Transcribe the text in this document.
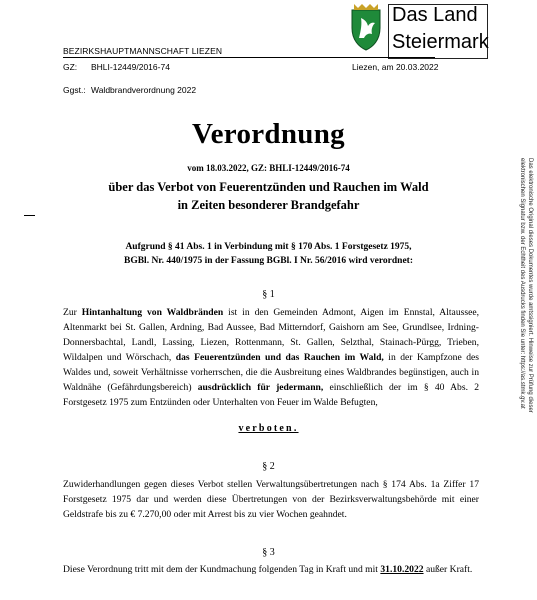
Das Land
Steiermark
BEZIRKSHAUPTMANNSCHAFT LIEZEN
GZ: BHLI-12449/2016-74	Liezen, am 20.03.2022
Ggst.: Waldbrandverordnung 2022
Verordnung
vom 18.03.2022, GZ: BHLI-12449/2016-74
über das Verbot von Feuerentzünden und Rauchen im Wald
in Zeiten besonderer Brandgefahr
Aufgrund § 41 Abs. 1 in Verbindung mit § 170 Abs. 1 Forstgesetz 1975,
BGBl. Nr. 440/1975 in der Fassung BGBl. I Nr. 56/2016 wird verordnet:
§ 1
Zur Hintanhaltung von Waldbränden ist in den Gemeinden Admont, Aigen im Ennstal, Altaussee, Altenmarkt bei St. Gallen, Ardning, Bad Aussee, Bad Mitterndorf, Gaishorn am See, Grundlsee, Irdning-Donnersbachtal, Landl, Lassing, Liezen, Rottenmann, St. Gallen, Selzthal, Stainach-Pürgg, Trieben, Wildalpen und Wörschach, das Feuerentzünden und das Rauchen im Wald, in der Kampfzone des Waldes und, soweit Verhältnisse vorherrschen, die die Ausbreitung eines Waldbrandes begünstigen, auch in Waldnähe (Gefährdungsbereich) ausdrücklich für jedermann, einschließlich der im § 40 Abs. 2 Forstgesetz 1975 zum Entzünden oder Unterhalten von Feuer im Walde Befugten,
verboten.
§ 2
Zuwiderhandlungen gegen dieses Verbot stellen Verwaltungsübertretungen nach § 174 Abs. 1a Ziffer 17 Forstgesetz 1975 dar und werden diese Übertretungen von der Bezirksverwaltungsbehörde mit einer Geldstrafe bis zu € 7.270,00 oder mit Arrest bis zu vier Wochen geahndet.
§ 3
Diese Verordnung tritt mit dem der Kundmachung folgenden Tag in Kraft und mit 31.10.2022 außer Kraft.
Das elektronische Original dieses Dokumentes wurde amtssigniert. Hinweise zur Prüfung dieser elektronischen Signatur bzw. der Echtheit des Ausdrucks finden Sie unter: https://as.stmk.gv.at
